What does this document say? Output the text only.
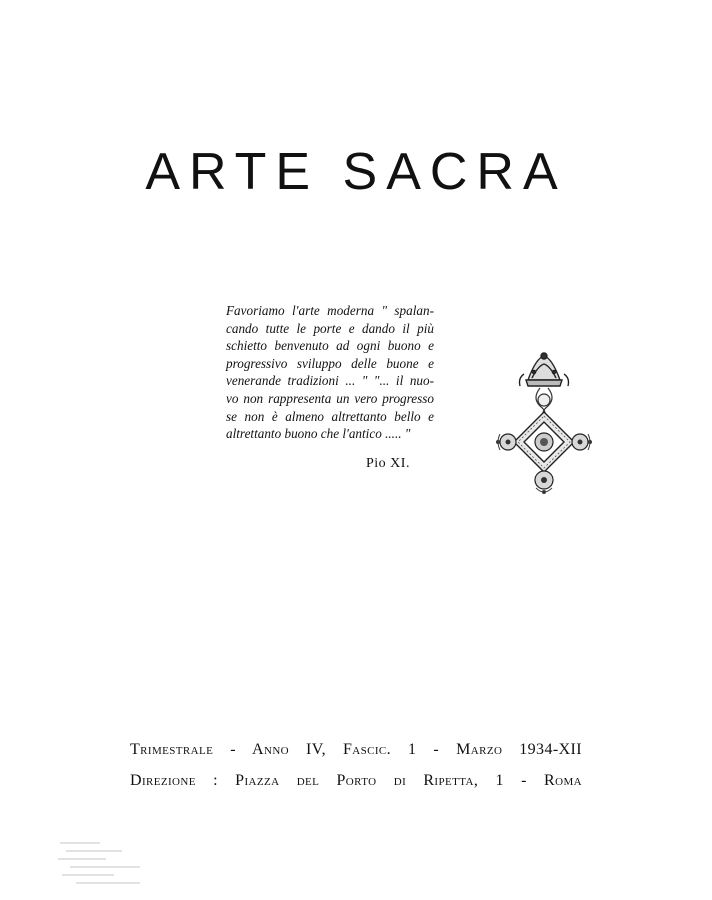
ARTE SACRA
Favoriamo l'arte moderna " spalan-
cando tutte le porte e dando il più
schietto benvenuto ad ogni buono e
progressivo sviluppo delle buone e
venerande tradizioni ... " "... il nuo-
vo non rappresenta un vero progresso
se non è almeno altrettanto bello e
altrettanto buono che l'antico ..... "
Pio XI.
Trimestrale - Anno IV, Fascic. 1 - Marzo 1934-XII
Direzione : Piazza del Porto di Ripetta, 1 - Roma
